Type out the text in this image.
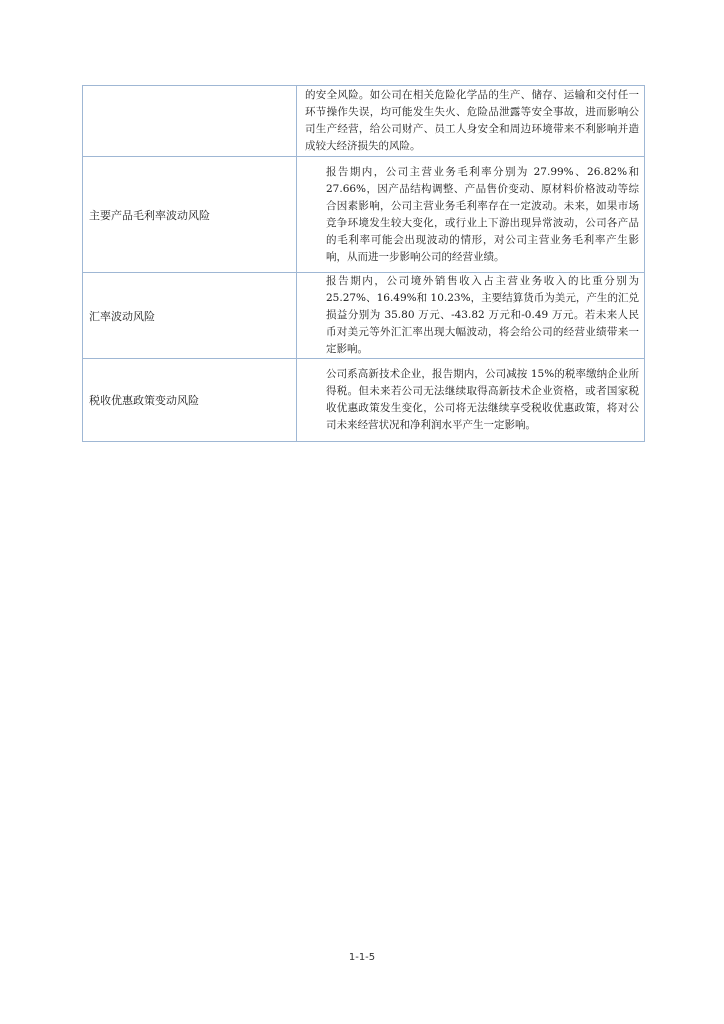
	的安全风险。如公司在相关危险化学品的生产、储存、运输和交付任一环节操作失误，均可能发生失火、危险品泄露等安全事故，进而影响公司生产经营，给公司财产、员工人身安全和周边环境带来不利影响并造成较大经济损失的风险。

主要产品毛利率波动风险	报告期内，公司主营业务毛利率分别为 27.99%、26.82%和 27.66%，因产品结构调整、产品售价变动、原材料价格波动等综合因素影响，公司主营业务毛利率存在一定波动。未来，如果市场竞争环境发生较大变化，或行业上下游出现异常波动，公司各产品的毛利率可能会出现波动的情形，对公司主营业务毛利率产生影响，从而进一步影响公司的经营业绩。

汇率波动风险	报告期内，公司境外销售收入占主营业务收入的比重分别为 25.27%、16.49%和 10.23%，主要结算货币为美元，产生的汇兑损益分别为 35.80 万元、-43.82 万元和-0.49 万元。若未来人民币对美元等外汇汇率出现大幅波动，将会给公司的经营业绩带来一定影响。

税收优惠政策变动风险	公司系高新技术企业，报告期内，公司减按 15%的税率缴纳企业所得税。但未来若公司无法继续取得高新技术企业资格，或者国家税收优惠政策发生变化，公司将无法继续享受税收优惠政策，将对公司未来经营状况和净利润水平产生一定影响。
1-1-5
